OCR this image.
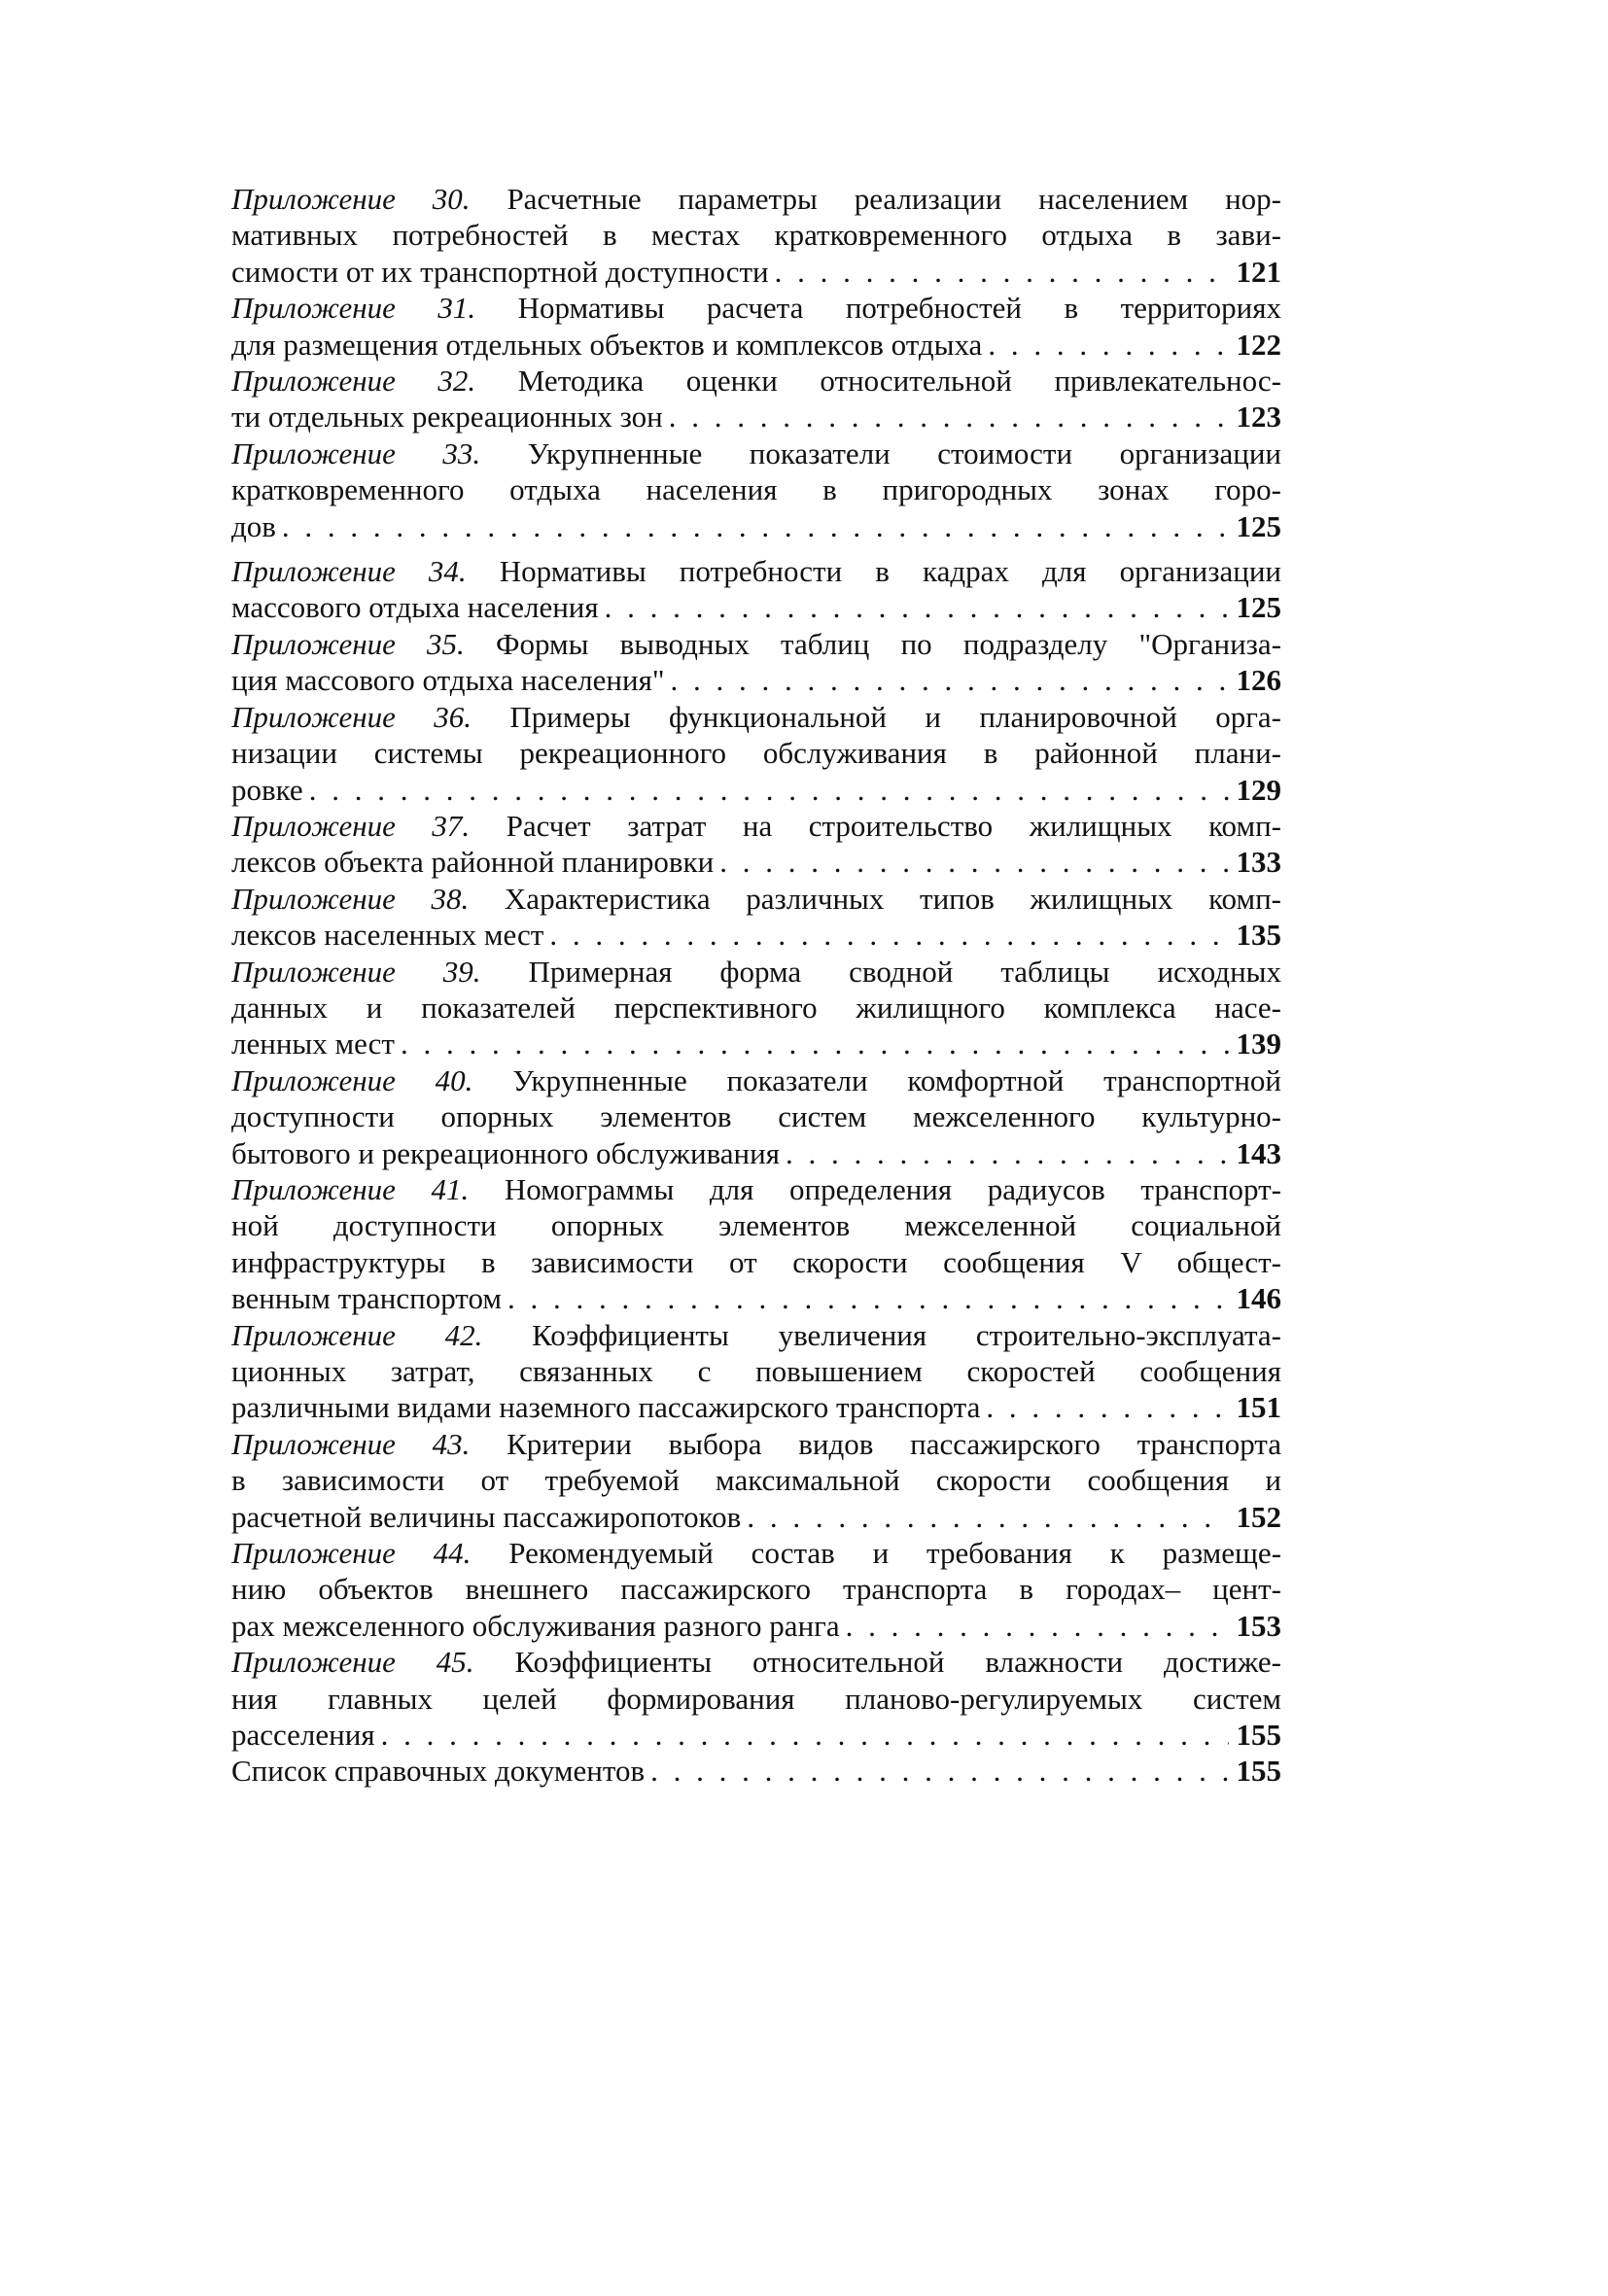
Приложение 30. Расчетные параметры реализации населением нор-
мативных потребностей в местах кратковременного отдыха в зави-
симости от их транспортной доступности . . .	121
Приложение 31. Нормативы расчета потребностей в территориях
для размещения отдельных объектов и комплексов отдыха . . .	122
Приложение 32. Методика оценки относительной привлекательнос-
ти отдельных рекреационных зон . . .	123
Приложение 33. Укрупненные показатели стоимости организации
кратковременного отдыха населения в пригородных зонах горо-
дов . . .	125
Приложение 34. Нормативы потребности в кадрах для организации
массового отдыха населения . . .	125
Приложение 35. Формы выводных таблиц по подразделу "Организа-
ция массового отдыха населения" . . .	126
Приложение 36. Примеры функциональной и планировочной орга-
низации системы рекреационного обслуживания в районной плани-
ровке . . .	129
Приложение 37. Расчет затрат на строительство жилищных комп-
лексов объекта районной планировки . . .	133
Приложение 38. Характеристика различных типов жилищных комп-
лексов населенных мест . . .	135
Приложение 39. Примерная форма сводной таблицы исходных
данных и показателей перспективного жилищного комплекса насе-
ленных мест . . .	139
Приложение 40. Укрупненные показатели комфортной транспортной
доступности опорных элементов систем межселенного культурно-
бытового и рекреационного обслуживания . . .	143
Приложение 41. Номограммы для определения радиусов транспорт-
ной доступности опорных элементов межселенной социальной
инфраструктуры в зависимости от скорости сообщения V общест-
венным транспортом . . .	146
Приложение 42. Коэффициенты увеличения строительно-эксплуата-
ционных затрат, связанных с повышением скоростей сообщения
различными видами наземного пассажирского транспорта . . .	151
Приложение 43. Критерии выбора видов пассажирского транспорта
в зависимости от требуемой максимальной скорости сообщения и
расчетной величины пассажиропотоков . . .	152
Приложение 44. Рекомендуемый состав и требования к размеще-
нию объектов внешнего пассажирского транспорта в городах– цент-
рах межселенного обслуживания разного ранга . . .	153
Приложение 45. Коэффициенты относительной влажности достиже-
ния главных целей формирования планово-регулируемых систем
расселения . . .	155
Список справочных документов . . .	155
